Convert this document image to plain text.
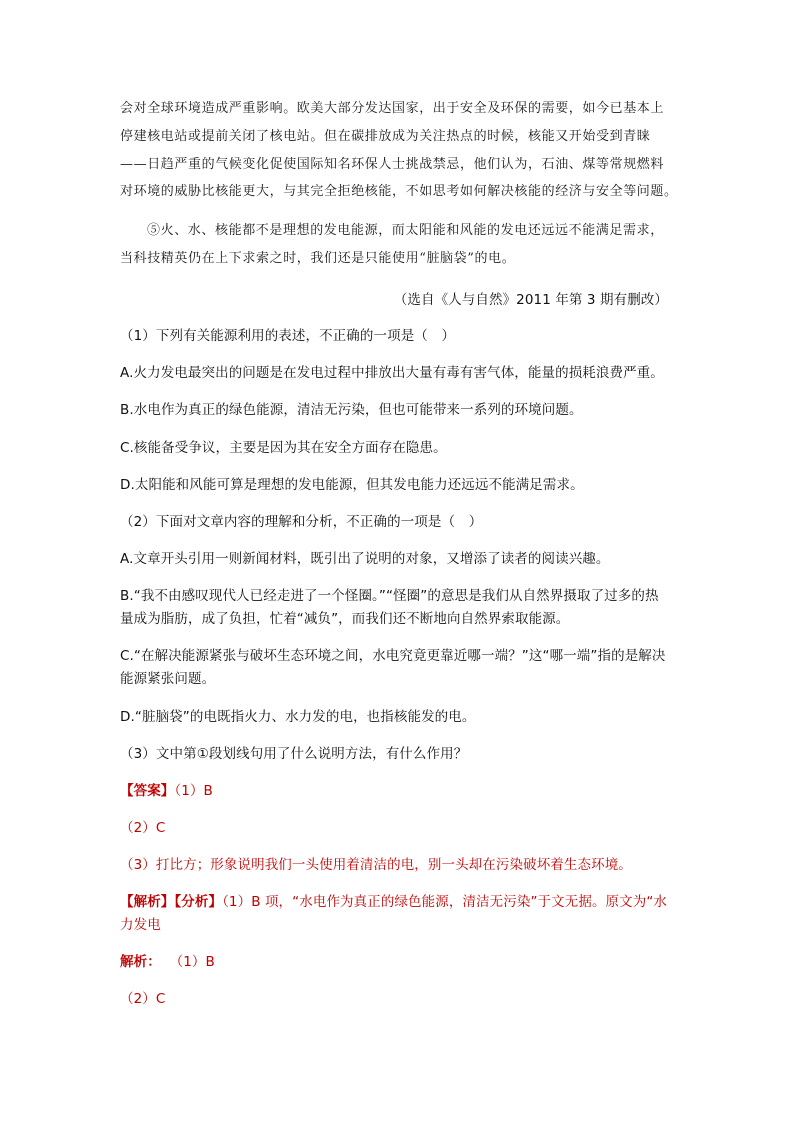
会对全球环境造成严重影响。欧美大部分发达国家，出于安全及环保的需要，如今已基本上
停建核电站或提前关闭了核电站。但在碳排放成为关注热点的时候，核能又开始受到青睐
——日趋严重的气候变化促使国际知名环保人士挑战禁忌，他们认为，石油、煤等常规燃料
对环境的威胁比核能更大，与其完全拒绝核能，不如思考如何解决核能的经济与安全等问题。
⑤火、水、核能都不是理想的发电能源，而太阳能和风能的发电还远远不能满足需求，
当科技精英仍在上下求索之时，我们还是只能使用“脏脑袋”的电。
（选自《人与自然》2011 年第 3 期有删改）
（1）下列有关能源利用的表述，不正确的一项是（　）
A.火力发电最突出的问题是在发电过程中排放出大量有毒有害气体，能量的损耗浪费严重。
B.水电作为真正的绿色能源，清洁无污染，但也可能带来一系列的环境问题。
C.核能备受争议，主要是因为其在安全方面存在隐患。
D.太阳能和风能可算是理想的发电能源，但其发电能力还远远不能满足需求。
（2）下面对文章内容的理解和分析，不正确的一项是（　）
A.文章开头引用一则新闻材料，既引出了说明的对象，又增添了读者的阅读兴趣。
B.“我不由感叹现代人已经走进了一个怪圈。”“怪圈”的意思是我们从自然界摄取了过多的热
量成为脂肪，成了负担，忙着“减负”，而我们还不断地向自然界索取能源。
C.“在解决能源紧张与破坏生态环境之间，水电究竟更靠近哪一端？”这“哪一端”指的是解决
能源紧张问题。
D.“脏脑袋”的电既指火力、水力发的电，也指核能发的电。
（3）文中第①段划线句用了什么说明方法，有什么作用？
【答案】（1）B
（2）C
（3）打比方；形象说明我们一头使用着清洁的电，别一头却在污染破坏着生态环境。
【解析】【分析】（1）B 项，“水电作为真正的绿色能源，清洁无污染”于文无据。原文为“水
力发电
解析： （1）B
（2）C
